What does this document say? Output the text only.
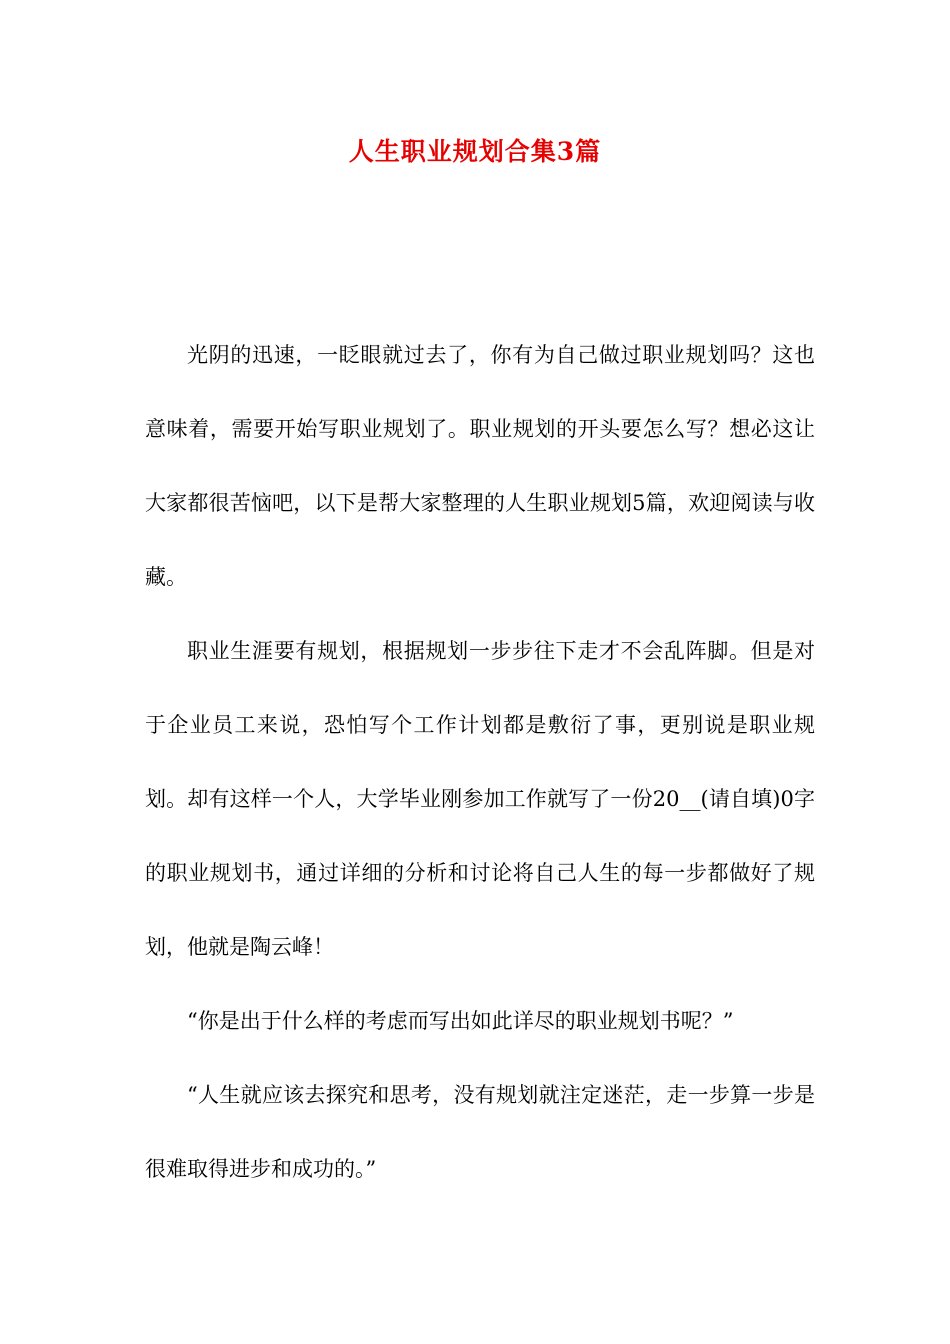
人生职业规划合集3篇

光阴的迅速，一眨眼就过去了，你有为自己做过职业规划吗？这也意味着，需要开始写职业规划了。职业规划的开头要怎么写？想必这让大家都很苦恼吧，以下是帮大家整理的人生职业规划5篇，欢迎阅读与收藏。

职业生涯要有规划，根据规划一步步往下走才不会乱阵脚。但是对于企业员工来说，恐怕写个工作计划都是敷衍了事，更别说是职业规划。却有这样一个人，大学毕业刚参加工作就写了一份20__(请自填)0字的职业规划书，通过详细的分析和讨论将自己人生的每一步都做好了规划，他就是陶云峰！

“你是出于什么样的考虑而写出如此详尽的职业规划书呢？”

“人生就应该去探究和思考，没有规划就注定迷茫，走一步算一步是很难取得进步和成功的。”
